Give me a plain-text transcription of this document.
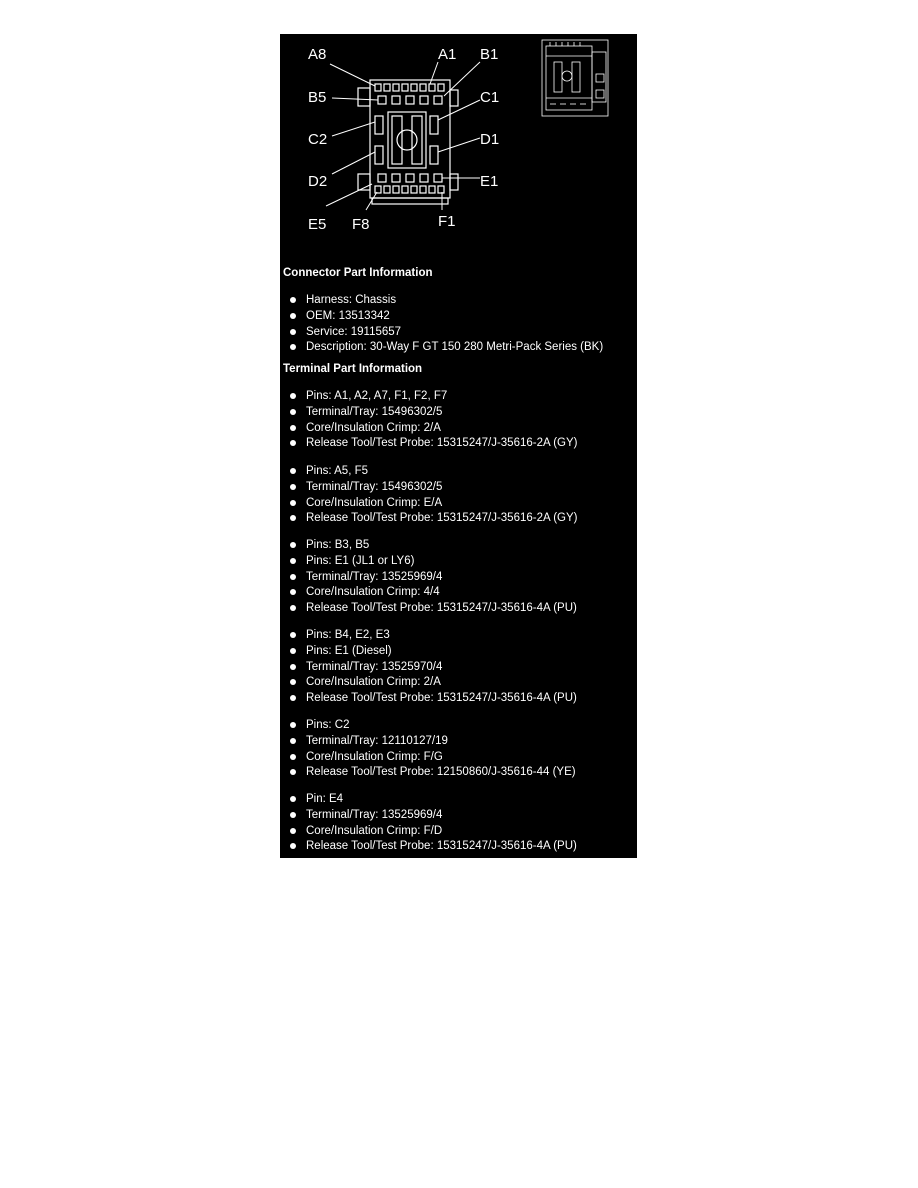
A8	A1 B1
B5	C1
C2	D1
D2	E1
E5 F8	F1
Connector Part Information
Harness: Chassis
OEM: 13513342
Service: 19115657
Description: 30-Way F GT 150 280 Metri-Pack Series (BK)
Terminal Part Information
Pins: A1, A2, A7, F1, F2, F7
Terminal/Tray: 15496302/5
Core/Insulation Crimp: 2/A
Release Tool/Test Probe: 15315247/J-35616-2A (GY)
Pins: A5, F5
Terminal/Tray: 15496302/5
Core/Insulation Crimp: E/A
Release Tool/Test Probe: 15315247/J-35616-2A (GY)
Pins: B3, B5
Pins: E1 (JL1 or LY6)
Terminal/Tray: 13525969/4
Core/Insulation Crimp: 4/4
Release Tool/Test Probe: 15315247/J-35616-4A (PU)
Pins: B4, E2, E3
Pins: E1 (Diesel)
Terminal/Tray: 13525970/4
Core/Insulation Crimp: 2/A
Release Tool/Test Probe: 15315247/J-35616-4A (PU)
Pins: C2
Terminal/Tray: 12110127/19
Core/Insulation Crimp: F/G
Release Tool/Test Probe: 12150860/J-35616-44 (YE)
Pin: E4
Terminal/Tray: 13525969/4
Core/Insulation Crimp: F/D
Release Tool/Test Probe: 15315247/J-35616-4A (PU)
